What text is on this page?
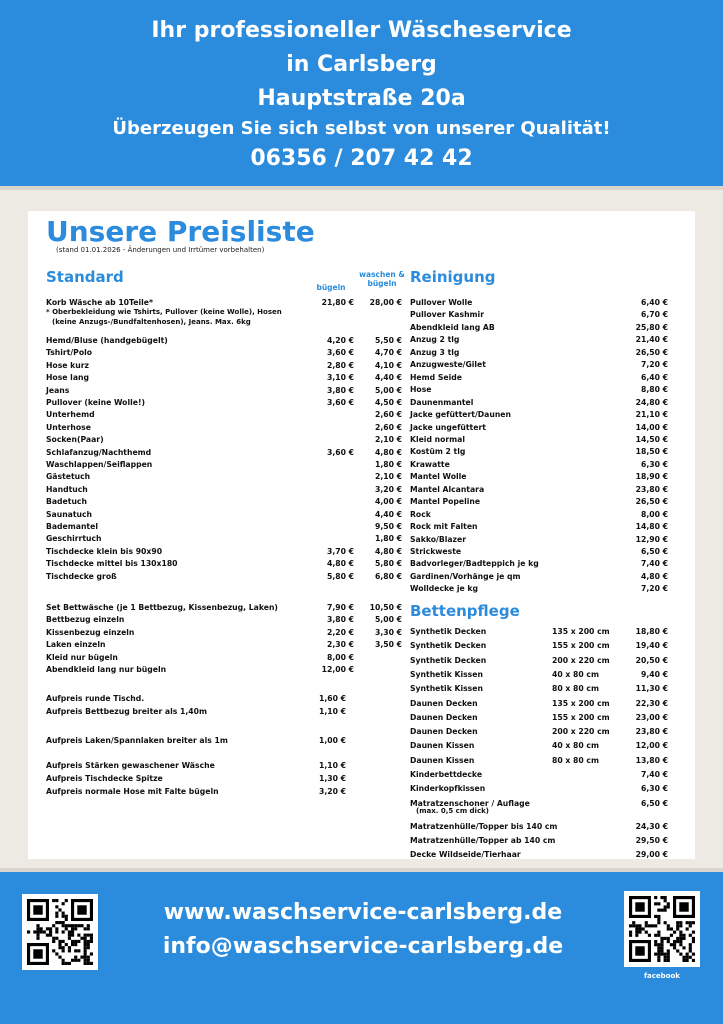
Ihr professioneller Wäscheservice
in Carlsberg
Hauptstraße 20a
Überzeugen Sie sich selbst von unserer Qualität!
06356 / 207 42 42
Unsere Preisliste
(stand 01.01.2026 - Änderungen und Irrtümer vorbehalten)
Standard
bügeln
waschen & bügeln Reinigung
Korb Wäsche ab 10Teile*	21,80 €	28,00 €
* Oberbekleidung wie Tshirts, Pullover (keine Wolle), Hosen
(keine Anzugs-/Bundfaltenhosen), Jeans. Max. 6kg
Hemd/Bluse (handgebügelt)	4,20 €	5,50 €
Tshirt/Polo	3,60 €	4,70 €
Hose kurz	2,80 €	4,10 €
Hose lang	3,10 €	4,40 €
Jeans	3,80 €	5,00 €
Pullover (keine Wolle!)	3,60 €	4,50 €
Unterhemd	2,60 €
Unterhose	2,60 €
Socken(Paar)	2,10 €
Schlafanzug/Nachthemd	3,60 €	4,80 €
Waschlappen/Seiflappen	1,80 €
Gästetuch	2,10 €
Handtuch	3,20 €
Badetuch	4,00 €
Saunatuch	4,40 €
Bademantel	9,50 €
Geschirrtuch	1,80 €
Tischdecke klein bis 90x90	3,70 €	4,80 €
Tischdecke mittel bis 130x180	4,80 €	5,80 €
Tischdecke groß	5,80 €	6,80 €
Set Bettwäsche (je 1 Bettbezug, Kissenbezug, Laken)	7,90 €	10,50 €
Bettbezug einzeln	3,80 €	5,00 €
Kissenbezug einzeln	2,20 €	3,30 €
Laken einzeln	2,30 €	3,50 €
Kleid nur bügeln	8,00 €
Abendkleid lang nur bügeln	12,00 €
Aufpreis runde Tischd.	1,60 €
Aufpreis Bettbezug breiter als 1,40m	1,10 €
Aufpreis Laken/Spannlaken breiter als 1m	1,00 €
Aufpreis Stärken gewaschener Wäsche	1,10 €
Aufpreis Tischdecke Spitze	1,30 €
Aufpreis normale Hose mit Falte bügeln	3,20 €
Pullover Wolle	6,40 €
Pullover Kashmir	6,70 €
Abendkleid lang AB	25,80 €
Anzug 2 tlg	21,40 €
Anzug 3 tlg	26,50 €
Anzugweste/Gilet	7,20 €
Hemd Seide	6,40 €
Hose	8,80 €
Daunenmantel	24,80 €
Jacke gefüttert/Daunen	21,10 €
Jacke ungefüttert	14,00 €
Kleid normal	14,50 €
Kostüm 2 tlg	18,50 €
Krawatte	6,30 €
Mantel Wolle	18,90 €
Mantel Alcantara	23,80 €
Mantel Popeline	26,50 €
Rock	8,00 €
Rock mit Falten	14,80 €
Sakko/Blazer	12,90 €
Strickweste	6,50 €
Badvorleger/Badteppich je kg	7,40 €
Gardinen/Vorhänge je qm	4,80 €
Wolldecke je kg	7,20 €
Bettenpflege
Synthetik Decken	135 x 200 cm	18,80 €
Synthetik Decken	155 x 200 cm	19,40 €
Synthetik Decken	200 x 220 cm	20,50 €
Synthetik Kissen	40 x 80 cm	9,40 €
Synthetik Kissen	80 x 80 cm	11,30 €
Daunen Decken	135 x 200 cm	22,30 €
Daunen Decken	155 x 200 cm	23,00 €
Daunen Decken	200 x 220 cm	23,80 €
Daunen Kissen	40 x 80 cm	12,00 €
Daunen Kissen	80 x 80 cm	13,80 €
Kinderbettdecke	7,40 €
Kinderkopfkissen	6,30 €
Matratzenschoner / Auflage	6,50 €
(max. 0,5 cm dick)
Matratzenhülle/Topper bis 140 cm	24,30 €
Matratzenhülle/Topper ab 140 cm	29,50 €
Decke Wildseide/Tierhaar	29,00 €
facebook
www.waschservice-carlsberg.de
info@waschservice-carlsberg.de
